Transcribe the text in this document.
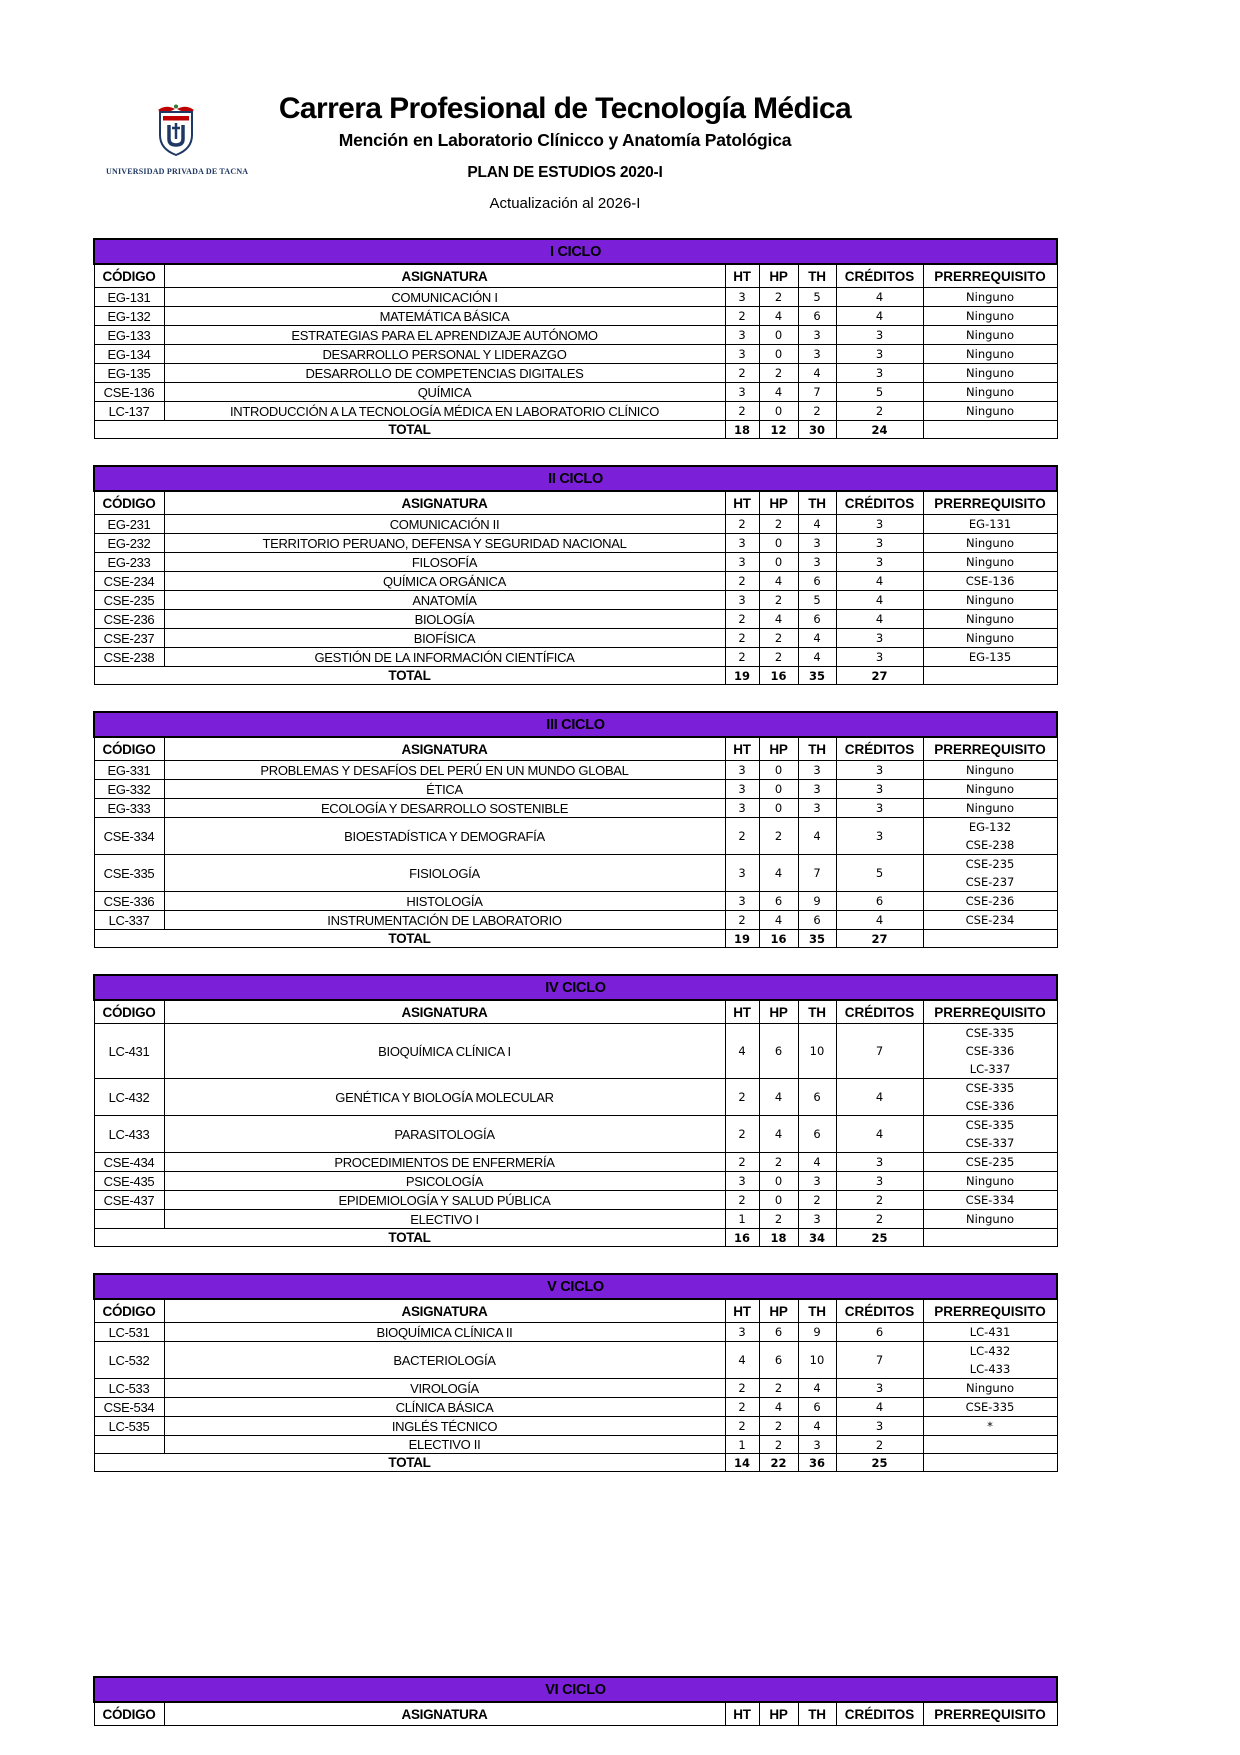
UNIVERSIDAD PRIVADA DE TACNA
Carrera Profesional de Tecnología Médica
Mención en Laboratorio Clínicco y Anatomía Patológica
PLAN DE ESTUDIOS 2020-I
Actualización al 2026-I
I CICLO						
CÓDIGO	ASIGNATURA	HT	HP	TH	CRÉDITOS	PRERREQUISITO
EG-131	COMUNICACIÓN I	3	2	5	4	Ninguno

EG-132	MATEMÁTICA BÁSICA	2	4	6	4	Ninguno

EG-133	ESTRATEGIAS PARA EL APRENDIZAJE AUTÓNOMO	3	0	3	3	Ninguno

EG-134	DESARROLLO PERSONAL Y LIDERAZGO	3	0	3	3	Ninguno

EG-135	DESARROLLO DE COMPETENCIAS DIGITALES	2	2	4	3	Ninguno

CSE-136	QUÍMICA	3	4	7	5	Ninguno

LC-137	INTRODUCCIÓN A LA TECNOLOGÍA MÉDICA EN LABORATORIO CLÍNICO	2	0	2	2	Ninguno

TOTAL		18	12	30	24	
II CICLO						
CÓDIGO	ASIGNATURA	HT	HP	TH	CRÉDITOS	PRERREQUISITO
EG-231	COMUNICACIÓN II	2	2	4	3	EG-131

EG-232	TERRITORIO PERUANO, DEFENSA Y SEGURIDAD NACIONAL	3	0	3	3	Ninguno

EG-233	FILOSOFÍA	3	0	3	3	Ninguno

CSE-234	QUÍMICA ORGÁNICA	2	4	6	4	CSE-136

CSE-235	ANATOMÍA	3	2	5	4	Ninguno

CSE-236	BIOLOGÍA	2	4	6	4	Ninguno

CSE-237	BIOFÍSICA	2	2	4	3	Ninguno

CSE-238	GESTIÓN DE LA INFORMACIÓN CIENTÍFICA	2	2	4	3	EG-135

TOTAL		19	16	35	27	
III CICLO						
CÓDIGO	ASIGNATURA	HT	HP	TH	CRÉDITOS	PRERREQUISITO
EG-331	PROBLEMAS Y DESAFÍOS DEL PERÚ EN UN MUNDO GLOBAL	3	0	3	3	Ninguno

EG-332	ÉTICA	3	0	3	3	Ninguno

EG-333	ECOLOGÍA Y DESARROLLO SOSTENIBLE	3	0	3	3	Ninguno

CSE-334	BIOESTADÍSTICA Y DEMOGRAFÍA	2	2	4	3	EG-132
CSE-238

CSE-335	FISIOLOGÍA	3	4	7	5	CSE-235
CSE-237

CSE-336	HISTOLOGÍA	3	6	9	6	CSE-236

LC-337	INSTRUMENTACIÓN DE LABORATORIO	2	4	6	4	CSE-234

TOTAL		19	16	35	27	
IV CICLO						
CÓDIGO	ASIGNATURA	HT	HP	TH	CRÉDITOS	PRERREQUISITO
LC-431	BIOQUÍMICA CLÍNICA I	4	6	10	7	CSE-335
CSE-336
LC-337

LC-432	GENÉTICA Y BIOLOGÍA MOLECULAR	2	4	6	4	CSE-335
CSE-336

LC-433	PARASITOLOGÍA	2	4	6	4	CSE-335
CSE-337

CSE-434	PROCEDIMIENTOS DE ENFERMERÍA	2	2	4	3	CSE-235

CSE-435	PSICOLOGÍA	3	0	3	3	Ninguno

CSE-437	EPIDEMIOLOGÍA Y SALUD PÚBLICA	2	0	2	2	CSE-334

	ELECTIVO I	1	2	3	2	Ninguno

TOTAL		16	18	34	25	
V CICLO						
CÓDIGO	ASIGNATURA	HT	HP	TH	CRÉDITOS	PRERREQUISITO
LC-531	BIOQUÍMICA CLÍNICA II	3	6	9	6	LC-431

LC-532	BACTERIOLOGÍA	4	6	10	7	LC-432
LC-433

LC-533	VIROLOGÍA	2	2	4	3	Ninguno

CSE-534	CLÍNICA BÁSICA	2	4	6	4	CSE-335

LC-535	INGLÉS TÉCNICO	2	2	4	3	*

	ELECTIVO II	1	2	3	2	
TOTAL		14	22	36	25	
VI CICLO
CÓDIGO	ASIGNATURA	HT	HP	TH	CRÉDITOS	PRERREQUISITO
